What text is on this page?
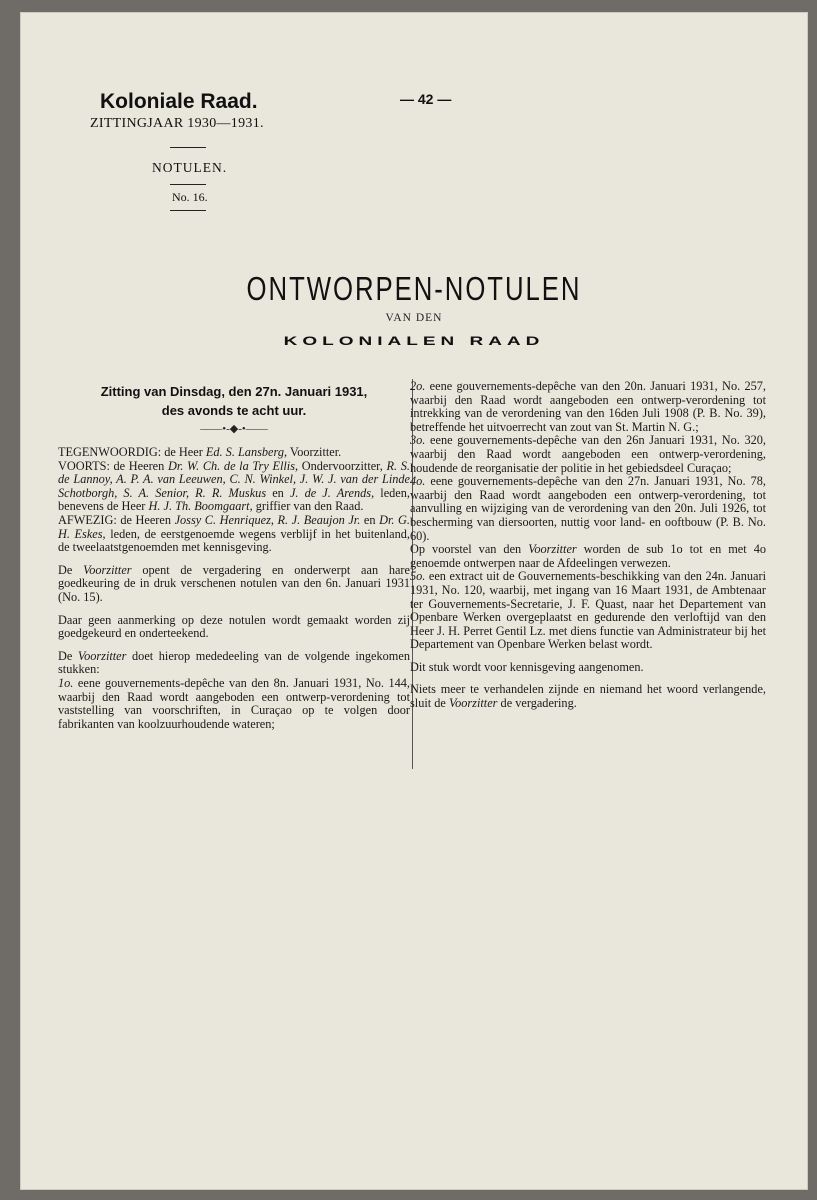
Koloniale Raad.
ZITTINGJAAR 1930—1931.
— 42 —
NOTULEN.
No. 16.
ONTWORPEN-NOTULEN
VAN DEN
KOLONIALEN RAAD
Zitting van Dinsdag, den 27n. Januari 1931,
des avonds te acht uur.
——•-◆-•——

TEGENWOORDIG: de Heer Ed. S. Lansberg, Voorzitter.

VOORTS: de Heeren Dr. W. Ch. de la Try Ellis, Ondervoorzitter, R. S. de Lannoy, A. P. A. van Leeuwen, C. N. Winkel, J. W. J. van der Linde Schotborgh, S. A. Senior, R. R. Muskus en J. de J. Arends, leden, benevens de Heer H. J. Th. Boomgaart, griffier van den Raad.

AFWEZIG: de Heeren Jossy C. Henriquez, R. J. Beaujon Jr. en Dr. G. H. Eskes, leden, de eerstgenoemde wegens verblijf in het buitenland, de tweelaatstgenoemden met kennisgeving.

De Voorzitter opent de vergadering en onderwerpt aan hare goedkeuring de in druk verschenen notulen van den 6n. Januari 1931 (No. 15).

Daar geen aanmerking op deze notulen wordt gemaakt worden zij goedgekeurd en onderteekend.

De Voorzitter doet hierop mededeeling van de volgende ingekomen stukken:

1o. eene gouvernements-depêche van den 8n. Januari 1931, No. 144, waarbij den Raad wordt aangeboden een ontwerp-verordening tot vaststelling van voorschriften, in Curaçao op te volgen door fabrikanten van koolzuurhoudende wateren;

2o. eene gouvernements-depêche van den 20n. Januari 1931, No. 257, waarbij den Raad wordt aangeboden een ontwerp-verordening tot intrekking van de verordening van den 16den Juli 1908 (P. B. No. 39), betreffende het uitvoerrecht van zout van St. Martin N. G.;

3o. eene gouvernements-depêche van den 26n Januari 1931, No. 320, waarbij den Raad wordt aangeboden een ontwerp-verordening, houdende de reorganisatie der politie in het gebiedsdeel Curaçao;

4o. eene gouvernements-depêche van den 27n. Januari 1931, No. 78, waarbij den Raad wordt aangeboden een ontwerp-verordening, tot aanvulling en wijziging van de verordening van den 20n. Juli 1926, tot bescherming van diersoorten, nuttig voor land- en ooftbouw (P. B. No. 60).

Op voorstel van den Voorzitter worden de sub 1o tot en met 4o genoemde ontwerpen naar de Afdeelingen verwezen.

5o. een extract uit de Gouvernements-beschikking van den 24n. Januari 1931, No. 120, waarbij, met ingang van 16 Maart 1931, de Ambtenaar ter Gouvernements-Secretarie, J. F. Quast, naar het Departement van Openbare Werken overgeplaatst en gedurende den verloftijd van den Heer J. H. Perret Gentil Lz. met diens functie van Administrateur bij het Departement van Openbare Werken belast wordt.

Dit stuk wordt voor kennisgeving aangenomen.

Niets meer te verhandelen zijnde en niemand het woord verlangende, sluit de Voorzitter de vergadering.
